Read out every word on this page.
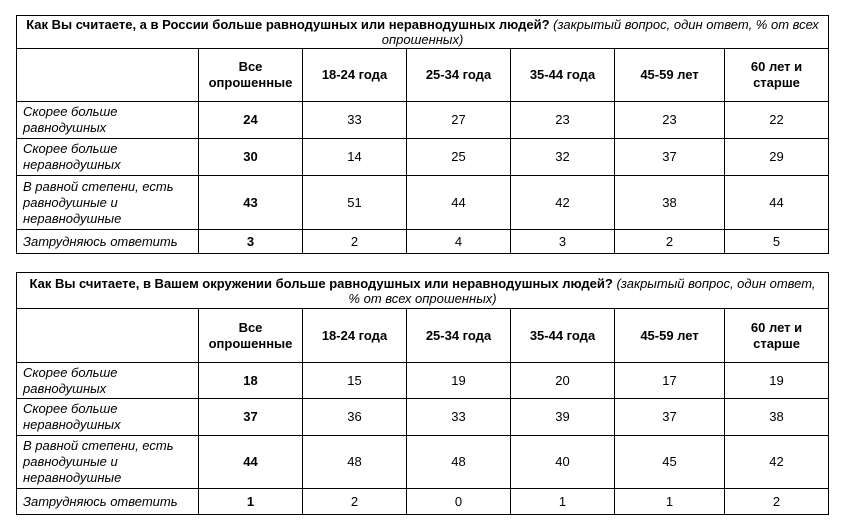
Как Вы считаете, а в России больше равнодушных или неравнодушных людей? (закрытый вопрос, один ответ, % от всех опрошенных)						
	Все опрошенные	18-24 года	25-34 года	35-44 года	45-59 лет	60 лет и старше
Скорее больше равнодушных	24	33	27	23	23	22
Скорее больше неравнодушных	30	14	25	32	37	29
В равной степени, есть равнодушные и неравнодушные	43	51	44	42	38	44
Затрудняюсь ответить	3	2	4	3	2	5
Как Вы считаете, в Вашем окружении больше равнодушных или неравнодушных людей? (закрытый вопрос, один ответ, % от всех опрошенных)						
	Все опрошенные	18-24 года	25-34 года	35-44 года	45-59 лет	60 лет и старше
Скорее больше равнодушных	18	15	19	20	17	19
Скорее больше неравнодушных	37	36	33	39	37	38
В равной степени, есть равнодушные и неравнодушные	44	48	48	40	45	42
Затрудняюсь ответить	1	2	0	1	1	2
